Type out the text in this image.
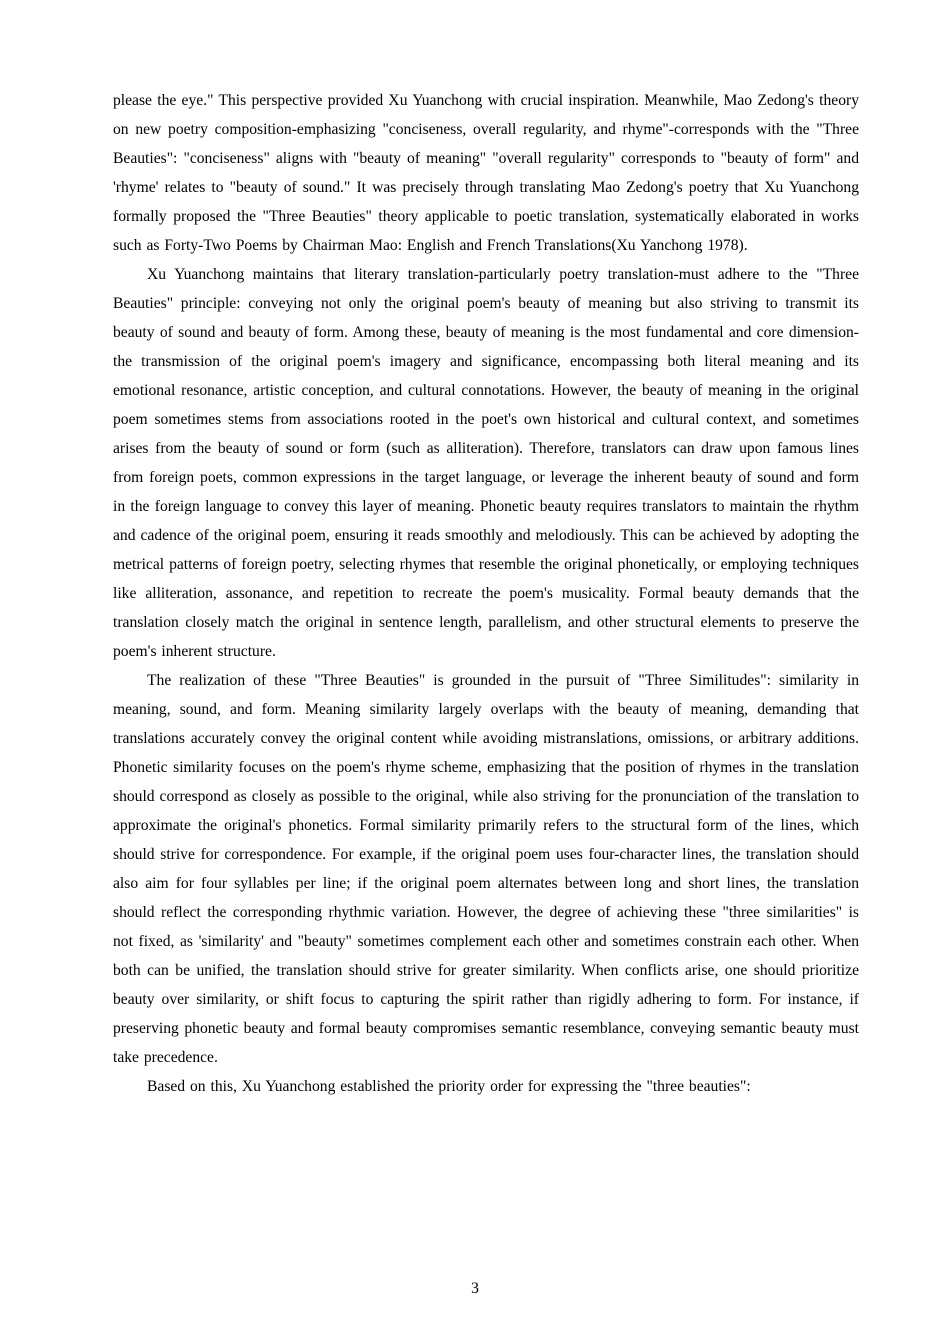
please the eye." This perspective provided Xu Yuanchong with crucial inspiration. Meanwhile, Mao Zedong's theory on new poetry composition-emphasizing "conciseness, overall regularity, and rhyme"-corresponds with the "Three Beauties": "conciseness" aligns with "beauty of meaning" "overall regularity" corresponds to "beauty of form" and 'rhyme' relates to "beauty of sound." It was precisely through translating Mao Zedong's poetry that Xu Yuanchong formally proposed the "Three Beauties" theory applicable to poetic translation, systematically elaborated in works such as Forty-Two Poems by Chairman Mao: English and French Translations(Xu Yanchong 1978).

Xu Yuanchong maintains that literary translation-particularly poetry translation-must adhere to the "Three Beauties" principle: conveying not only the original poem's beauty of meaning but also striving to transmit its beauty of sound and beauty of form. Among these, beauty of meaning is the most fundamental and core dimension-the transmission of the original poem's imagery and significance, encompassing both literal meaning and its emotional resonance, artistic conception, and cultural connotations. However, the beauty of meaning in the original poem sometimes stems from associations rooted in the poet's own historical and cultural context, and sometimes arises from the beauty of sound or form (such as alliteration). Therefore, translators can draw upon famous lines from foreign poets, common expressions in the target language, or leverage the inherent beauty of sound and form in the foreign language to convey this layer of meaning. Phonetic beauty requires translators to maintain the rhythm and cadence of the original poem, ensuring it reads smoothly and melodiously. This can be achieved by adopting the metrical patterns of foreign poetry, selecting rhymes that resemble the original phonetically, or employing techniques like alliteration, assonance, and repetition to recreate the poem's musicality. Formal beauty demands that the translation closely match the original in sentence length, parallelism, and other structural elements to preserve the poem's inherent structure.

The realization of these "Three Beauties" is grounded in the pursuit of "Three Similitudes": similarity in meaning, sound, and form. Meaning similarity largely overlaps with the beauty of meaning, demanding that translations accurately convey the original content while avoiding mistranslations, omissions, or arbitrary additions. Phonetic similarity focuses on the poem's rhyme scheme, emphasizing that the position of rhymes in the translation should correspond as closely as possible to the original, while also striving for the pronunciation of the translation to approximate the original's phonetics. Formal similarity primarily refers to the structural form of the lines, which should strive for correspondence. For example, if the original poem uses four-character lines, the translation should also aim for four syllables per line; if the original poem alternates between long and short lines, the translation should reflect the corresponding rhythmic variation. However, the degree of achieving these "three similarities" is not fixed, as 'similarity' and "beauty" sometimes complement each other and sometimes constrain each other. When both can be unified, the translation should strive for greater similarity. When conflicts arise, one should prioritize beauty over similarity, or shift focus to capturing the spirit rather than rigidly adhering to form. For instance, if preserving phonetic beauty and formal beauty compromises semantic resemblance, conveying semantic beauty must take precedence.

Based on this, Xu Yuanchong established the priority order for expressing the "three beauties":

3
